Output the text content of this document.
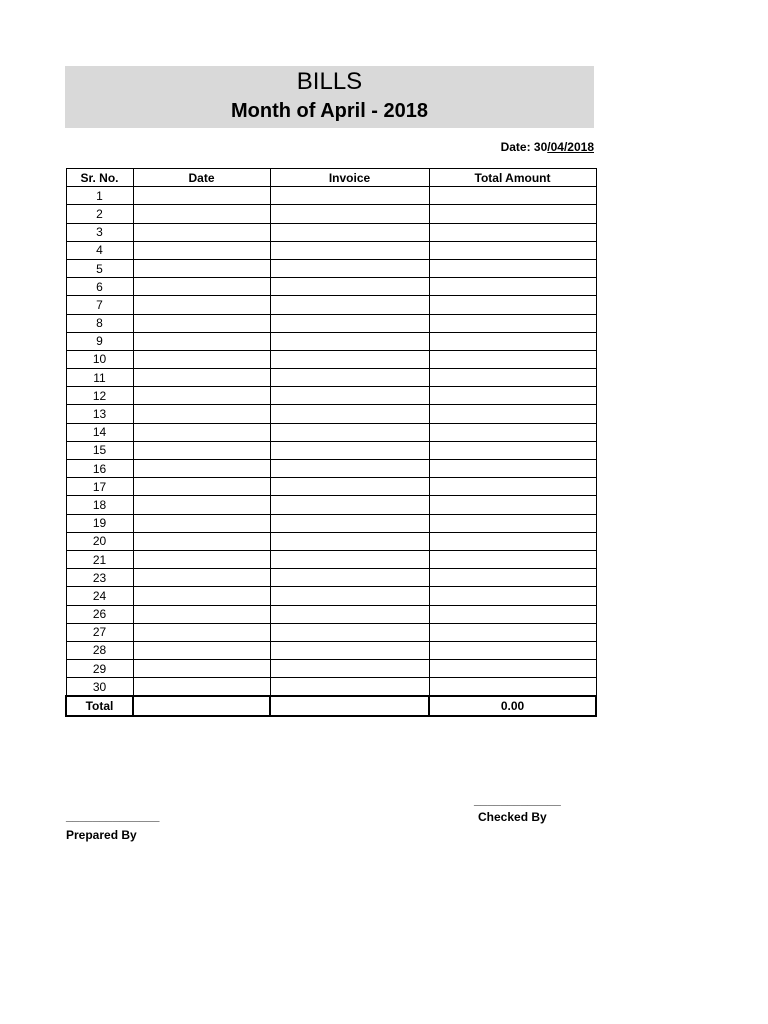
BILLS
Month of April - 2018
Date: 30/04/2018
Sr. No.	Date	Invoice	Total Amount
1			
2			
3			
4			
5			
6			
7			
8			
9			
10			
11			
12			
13			
14			
15			
16			
17			
18			
19			
20			
21			
23			
24			
26			
27			
28			
29			
30			
Total			0.00
______________
Prepared By
_____________
Checked By
